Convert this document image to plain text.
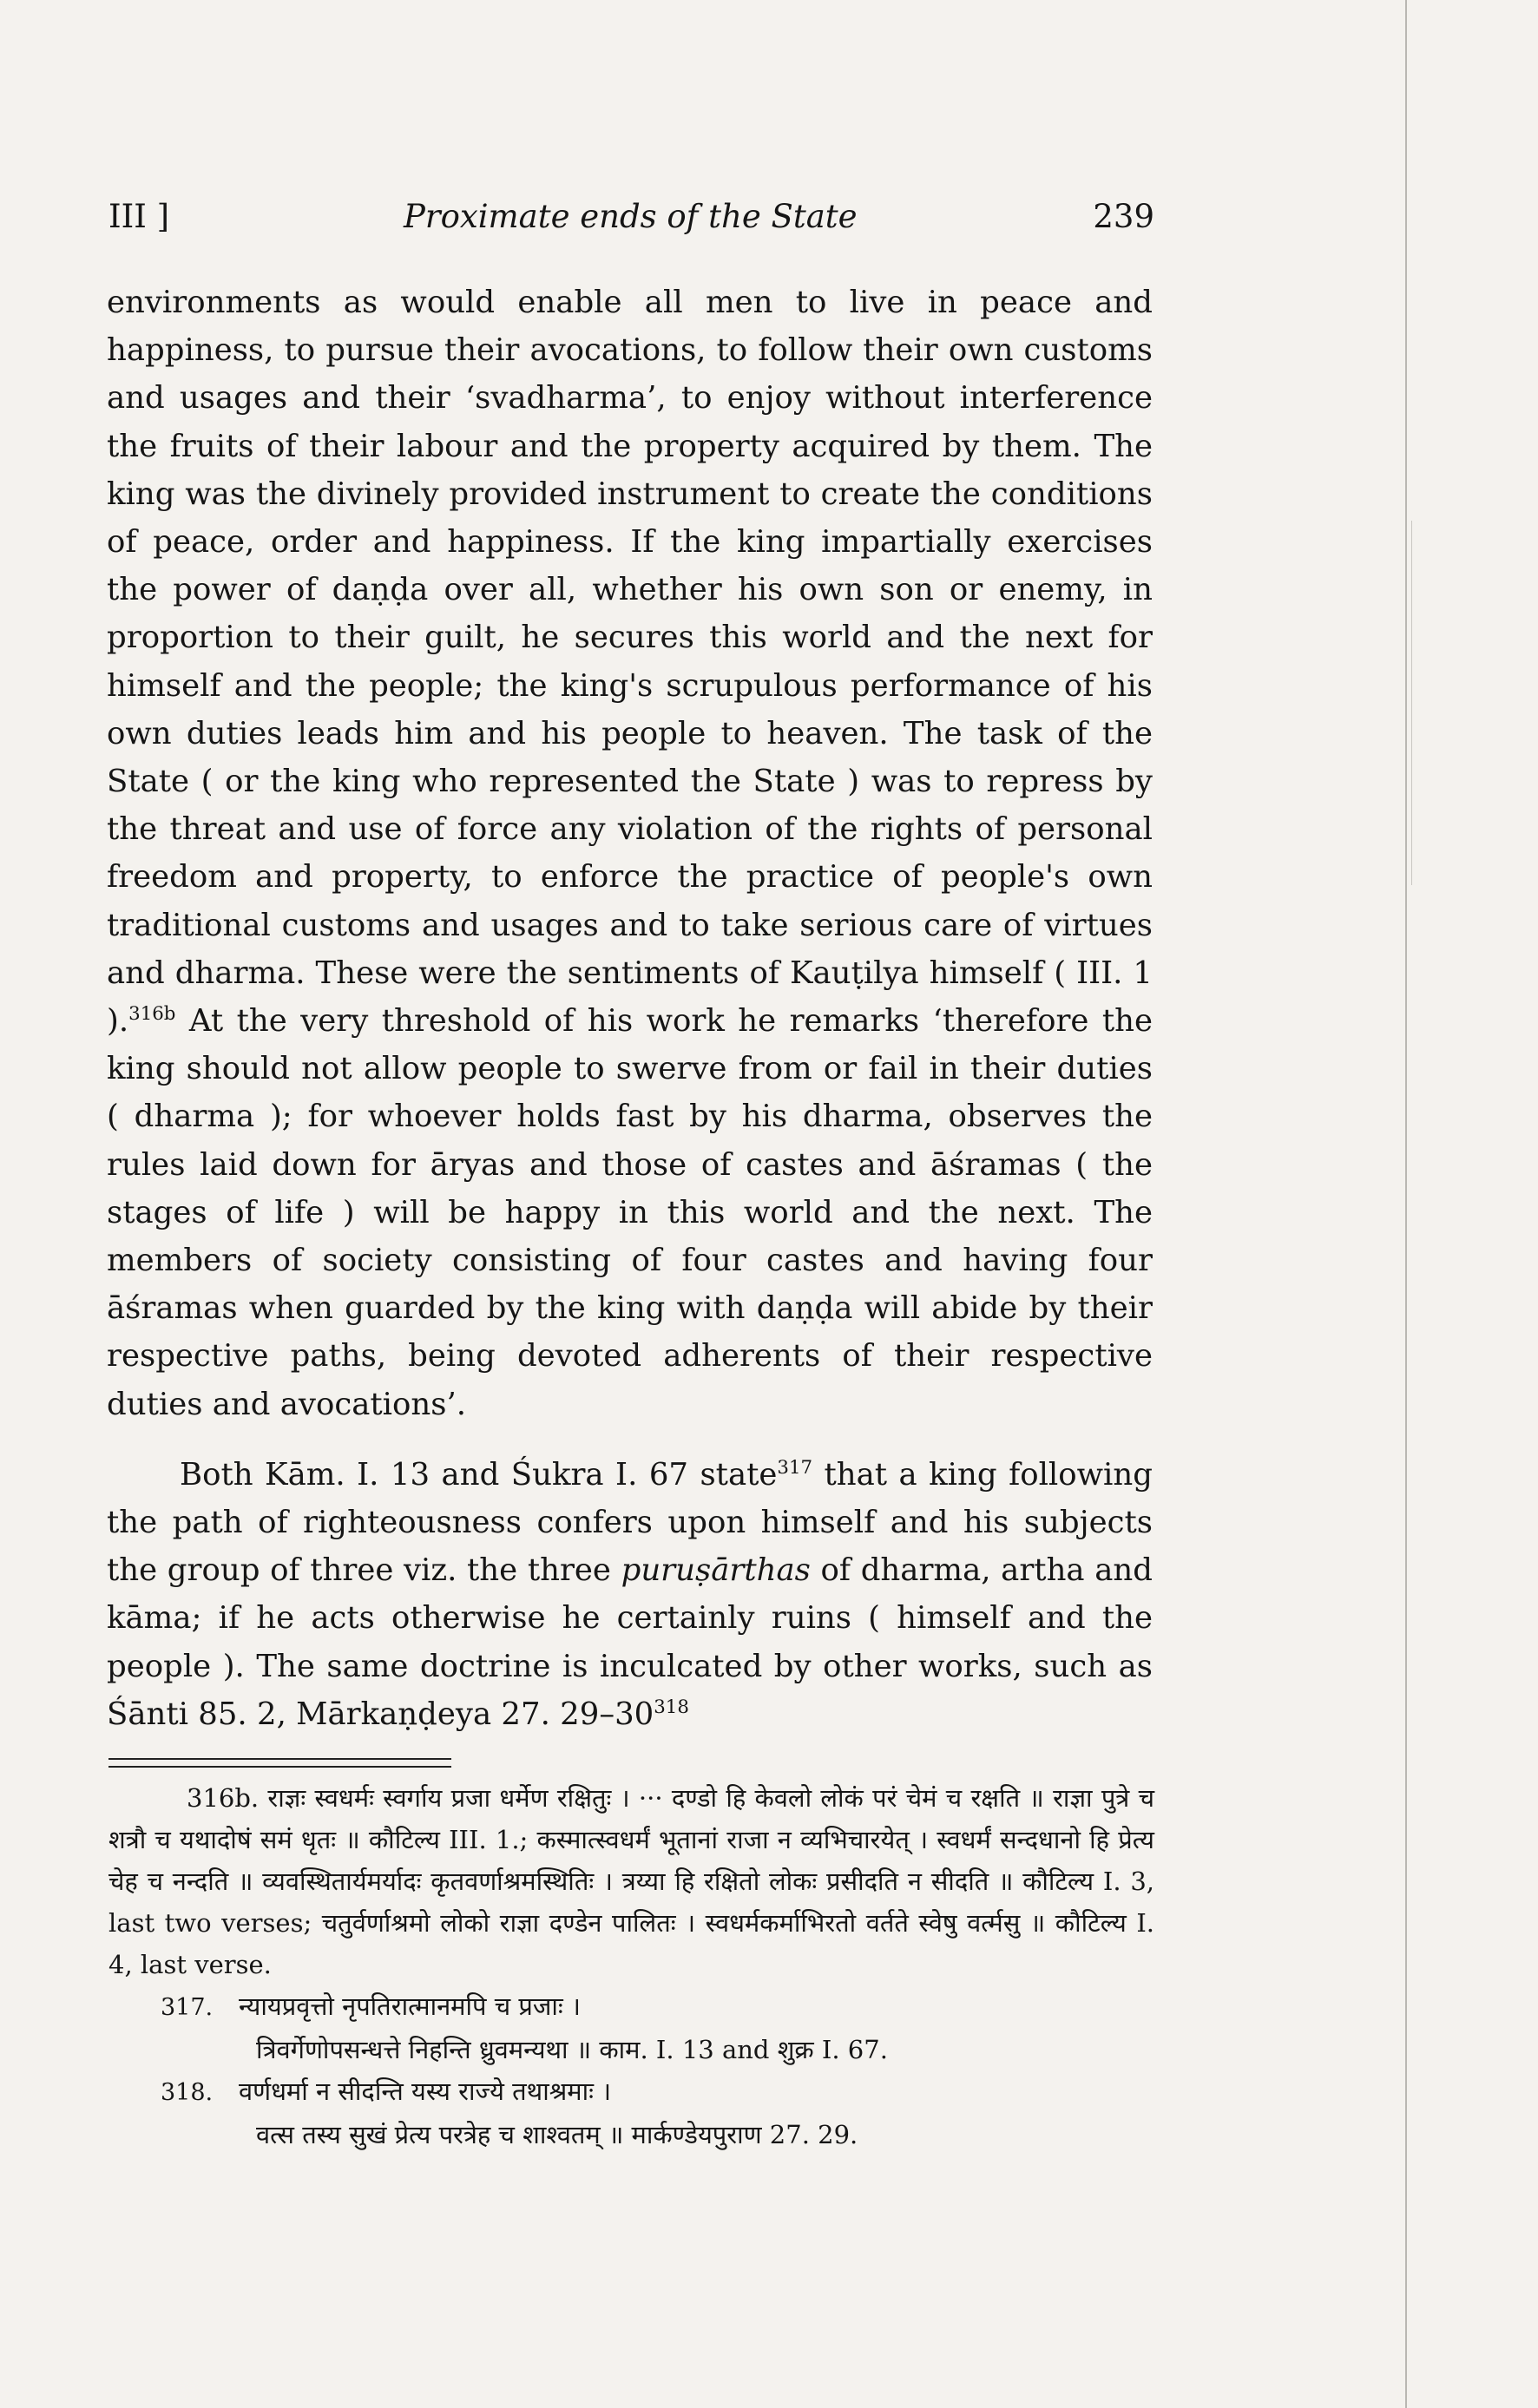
III ]	Proximate ends of the State	239

environments as would enable all men to live in peace and happiness, to pursue their avocations, to follow their own customs and usages and their ‘svadharma’, to enjoy without interference the fruits of their labour and the property acquired by them. The king was the divinely provided instrument to create the conditions of peace, order and happiness. If the king impartially exercises the power of daṇḍa over all, whether his own son or enemy, in proportion to their guilt, he secures this world and the next for himself and the people; the king's scrupulous performance of his own duties leads him and his people to heaven. The task of the State ( or the king who represented the State ) was to repress by the threat and use of force any violation of the rights of personal freedom and property, to enforce the practice of people's own traditional customs and usages and to take serious care of virtues and dharma. These were the sentiments of Kauṭilya himself ( III. 1 ).$^{316b}$ At the very threshold of his work he remarks ‘therefore the king should not allow people to swerve from or fail in their duties ( dharma ); for whoever holds fast by his dharma, observes the rules laid down for āryas and those of castes and āśramas ( the stages of life ) will be happy in this world and the next. The members of society consisting of four castes and having four āśramas when guarded by the king with daṇḍa will abide by their respective paths, being devoted adherents of their respective duties and avocations’.

Both Kām. I. 13 and Śukra I. 67 state$^{317}$ that a king following the path of righteousness confers upon himself and his subjects the group of three viz. the three puruṣārthas of dharma, artha and kāma; if he acts otherwise he certainly ruins ( himself and the people ). The same doctrine is inculcated by other works, such as Śānti 85. 2, Mārkaṇḍeya 27. $29-30^{318}$

316b. राज्ञः स्वधर्मः स्वर्गाय प्रजा धर्मेण रक्षितुः । ··· दण्डो हि केवलो लोकं परं चेमं च रक्षति ॥ राज्ञा पुत्रे च शत्रौ च यथादोषं समं धृतः ॥ कौटिल्य III. 1.; कस्मात्स्वधर्मं भूतानां राजा न व्यभिचारयेत् । स्वधर्मं सन्दधानो हि प्रेत्य चेह च नन्दति ॥ व्यवस्थितार्यमर्यादः कृतवर्णाश्रमस्थितिः । त्रय्या हि रक्षितो लोकः प्रसीदति न सीदति ॥ कौटिल्य I. 3, last two verses; चतुर्वर्णाश्रमो लोको राज्ञा दण्डेन पालितः । स्वधर्मकर्माभिरतो वर्तते स्वेषु वर्त्मसु ॥ कौटिल्य I. 4, last verse.

317. न्यायप्रवृत्तो नृपतिरात्मानमपि च प्रजाः ।

त्रिवर्गेणोपसन्धत्ते निहन्ति ध्रुवमन्यथा ॥ काम. I. 13 and शुक्र I. 67.

318. वर्णधर्मा न सीदन्ति यस्य राज्ये तथाश्रमाः ।

वत्स तस्य सुखं प्रेत्य परत्रेह च शाश्वतम् ॥ मार्कण्डेयपुराण 27. 29.
